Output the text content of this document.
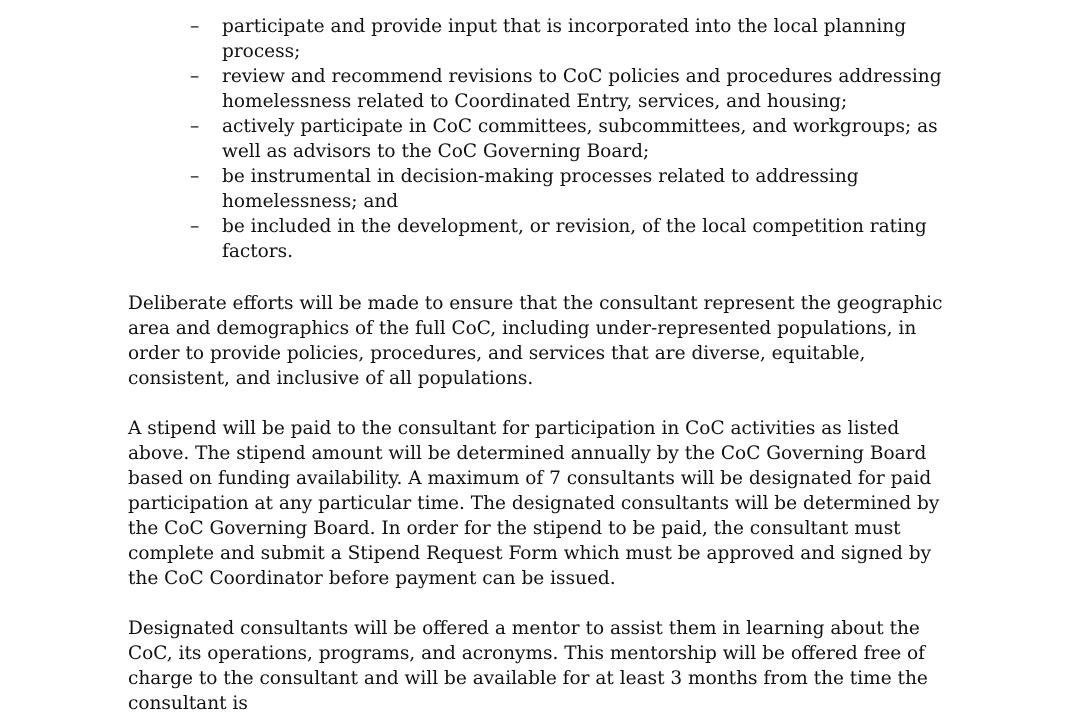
–	participate and provide input that is incorporated into the local planning process;
–	review and recommend revisions to CoC policies and procedures addressing homelessness related to Coordinated Entry, services, and housing;
–	actively participate in CoC committees, subcommittees, and workgroups; as well as advisors to the CoC Governing Board;
–	be instrumental in decision-making processes related to addressing homelessness; and
–	be included in the development, or revision, of the local competition rating factors.

Deliberate efforts will be made to ensure that the consultant represent the geographic area and demographics of the full CoC, including under-represented populations, in order to provide policies, procedures, and services that are diverse, equitable, consistent, and inclusive of all populations.

A stipend will be paid to the consultant for participation in CoC activities as listed above. The stipend amount will be determined annually by the CoC Governing Board based on funding availability. A maximum of 7 consultants will be designated for paid participation at any particular time. The designated consultants will be determined by the CoC Governing Board. In order for the stipend to be paid, the consultant must complete and submit a Stipend Request Form which must be approved and signed by the CoC Coordinator before payment can be issued.

Designated consultants will be offered a mentor to assist them in learning about the CoC, its operations, programs, and acronyms. This mentorship will be offered free of charge to the consultant and will be available for at least 3 months from the time the consultant is
